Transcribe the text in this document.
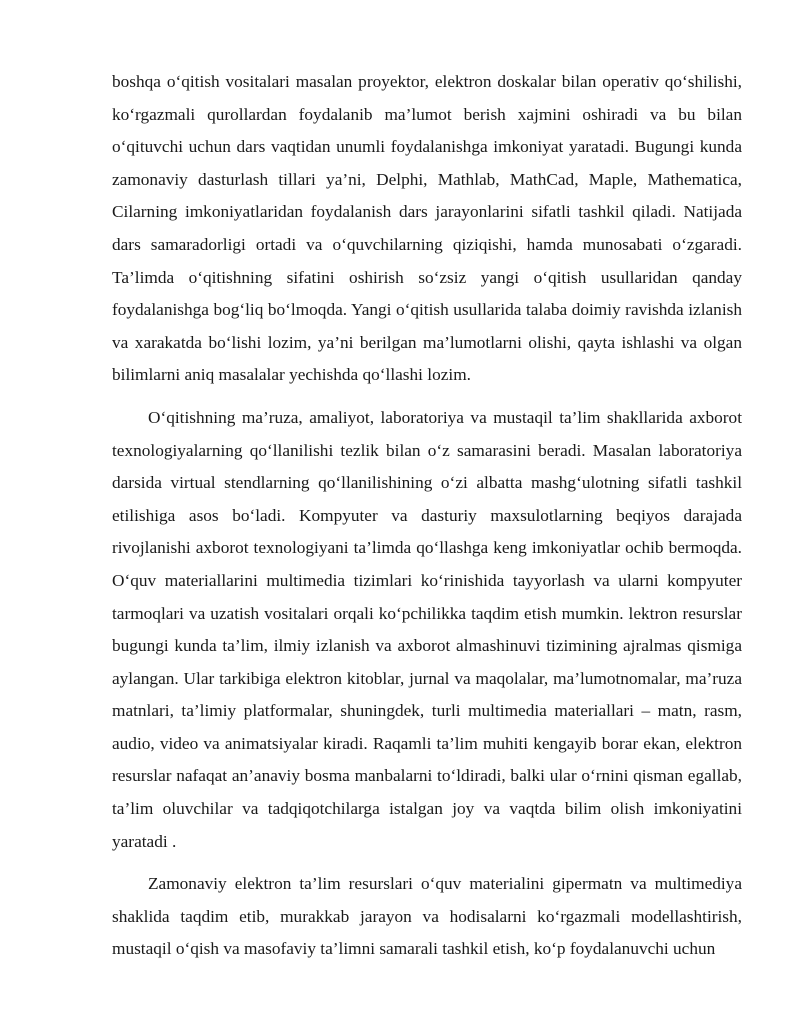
boshqa o‘qitish vositalari masalan proyektor, elektron doskalar bilan operativ qo‘shilishi, ko‘rgazmali qurollardan foydalanib ma’lumot berish xajmini oshiradi va bu bilan o‘qituvchi uchun dars vaqtidan unumli foydalanishga imkoniyat yaratadi. Bugungi kunda zamonaviy dasturlash tillari ya’ni, Delphi, Mathlab, MathCad, Maple, Mathematica, Cilarning imkoniyatlaridan foydalanish dars jarayonlarini sifatli tashkil qiladi. Natijada dars samaradorligi ortadi va o‘quvchilarning qiziqishi, hamda munosabati o‘zgaradi. Ta’limda o‘qitishning sifatini oshirish so‘zsiz yangi o‘qitish usullaridan qanday foydalanishga bog‘liq bo‘lmoqda. Yangi o‘qitish usullarida talaba doimiy ravishda izlanish va xarakatda bo‘lishi lozim, ya’ni berilgan ma’lumotlarni olishi, qayta ishlashi va olgan bilimlarni aniq masalalar yechishda qo‘llashi lozim.

O‘qitishning ma’ruza, amaliyot, laboratoriya va mustaqil ta’lim shakllarida axborot texnologiyalarning qo‘llanilishi tezlik bilan o‘z samarasini beradi. Masalan laboratoriya darsida virtual stendlarning qo‘llanilishining o‘zi albatta mashg‘ulotning sifatli tashkil etilishiga asos bo‘ladi. Kompyuter va dasturiy maxsulotlarning beqiyos darajada rivojlanishi axborot texnologiyani ta’limda qo‘llashga keng imkoniyatlar ochib bermoqda. O‘quv materiallarini multimedia tizimlari ko‘rinishida tayyorlash va ularni kompyuter tarmoqlari va uzatish vositalari orqali ko‘pchilikka taqdim etish mumkin. lektron resurslar bugungi kunda ta’lim, ilmiy izlanish va axborot almashinuvi tizimining ajralmas qismiga aylangan. Ular tarkibiga elektron kitoblar, jurnal va maqolalar, ma’lumotnomalar, ma’ruza matnlari, ta’limiy platformalar, shuningdek, turli multimedia materiallari – matn, rasm, audio, video va animatsiyalar kiradi. Raqamli ta’lim muhiti kengayib borar ekan, elektron resurslar nafaqat an’anaviy bosma manbalarni to‘ldiradi, balki ular o‘rnini qisman egallab, ta’lim oluvchilar va tadqiqotchilarga istalgan joy va vaqtda bilim olish imkoniyatini yaratadi .

Zamonaviy elektron ta’lim resurslari o‘quv materialini gipermatn va multimediya shaklida taqdim etib, murakkab jarayon va hodisalarni ko‘rgazmali modellashtirish, mustaqil o‘qish va masofaviy ta’limni samarali tashkil etish, ko‘p foydalanuvchi uchun
